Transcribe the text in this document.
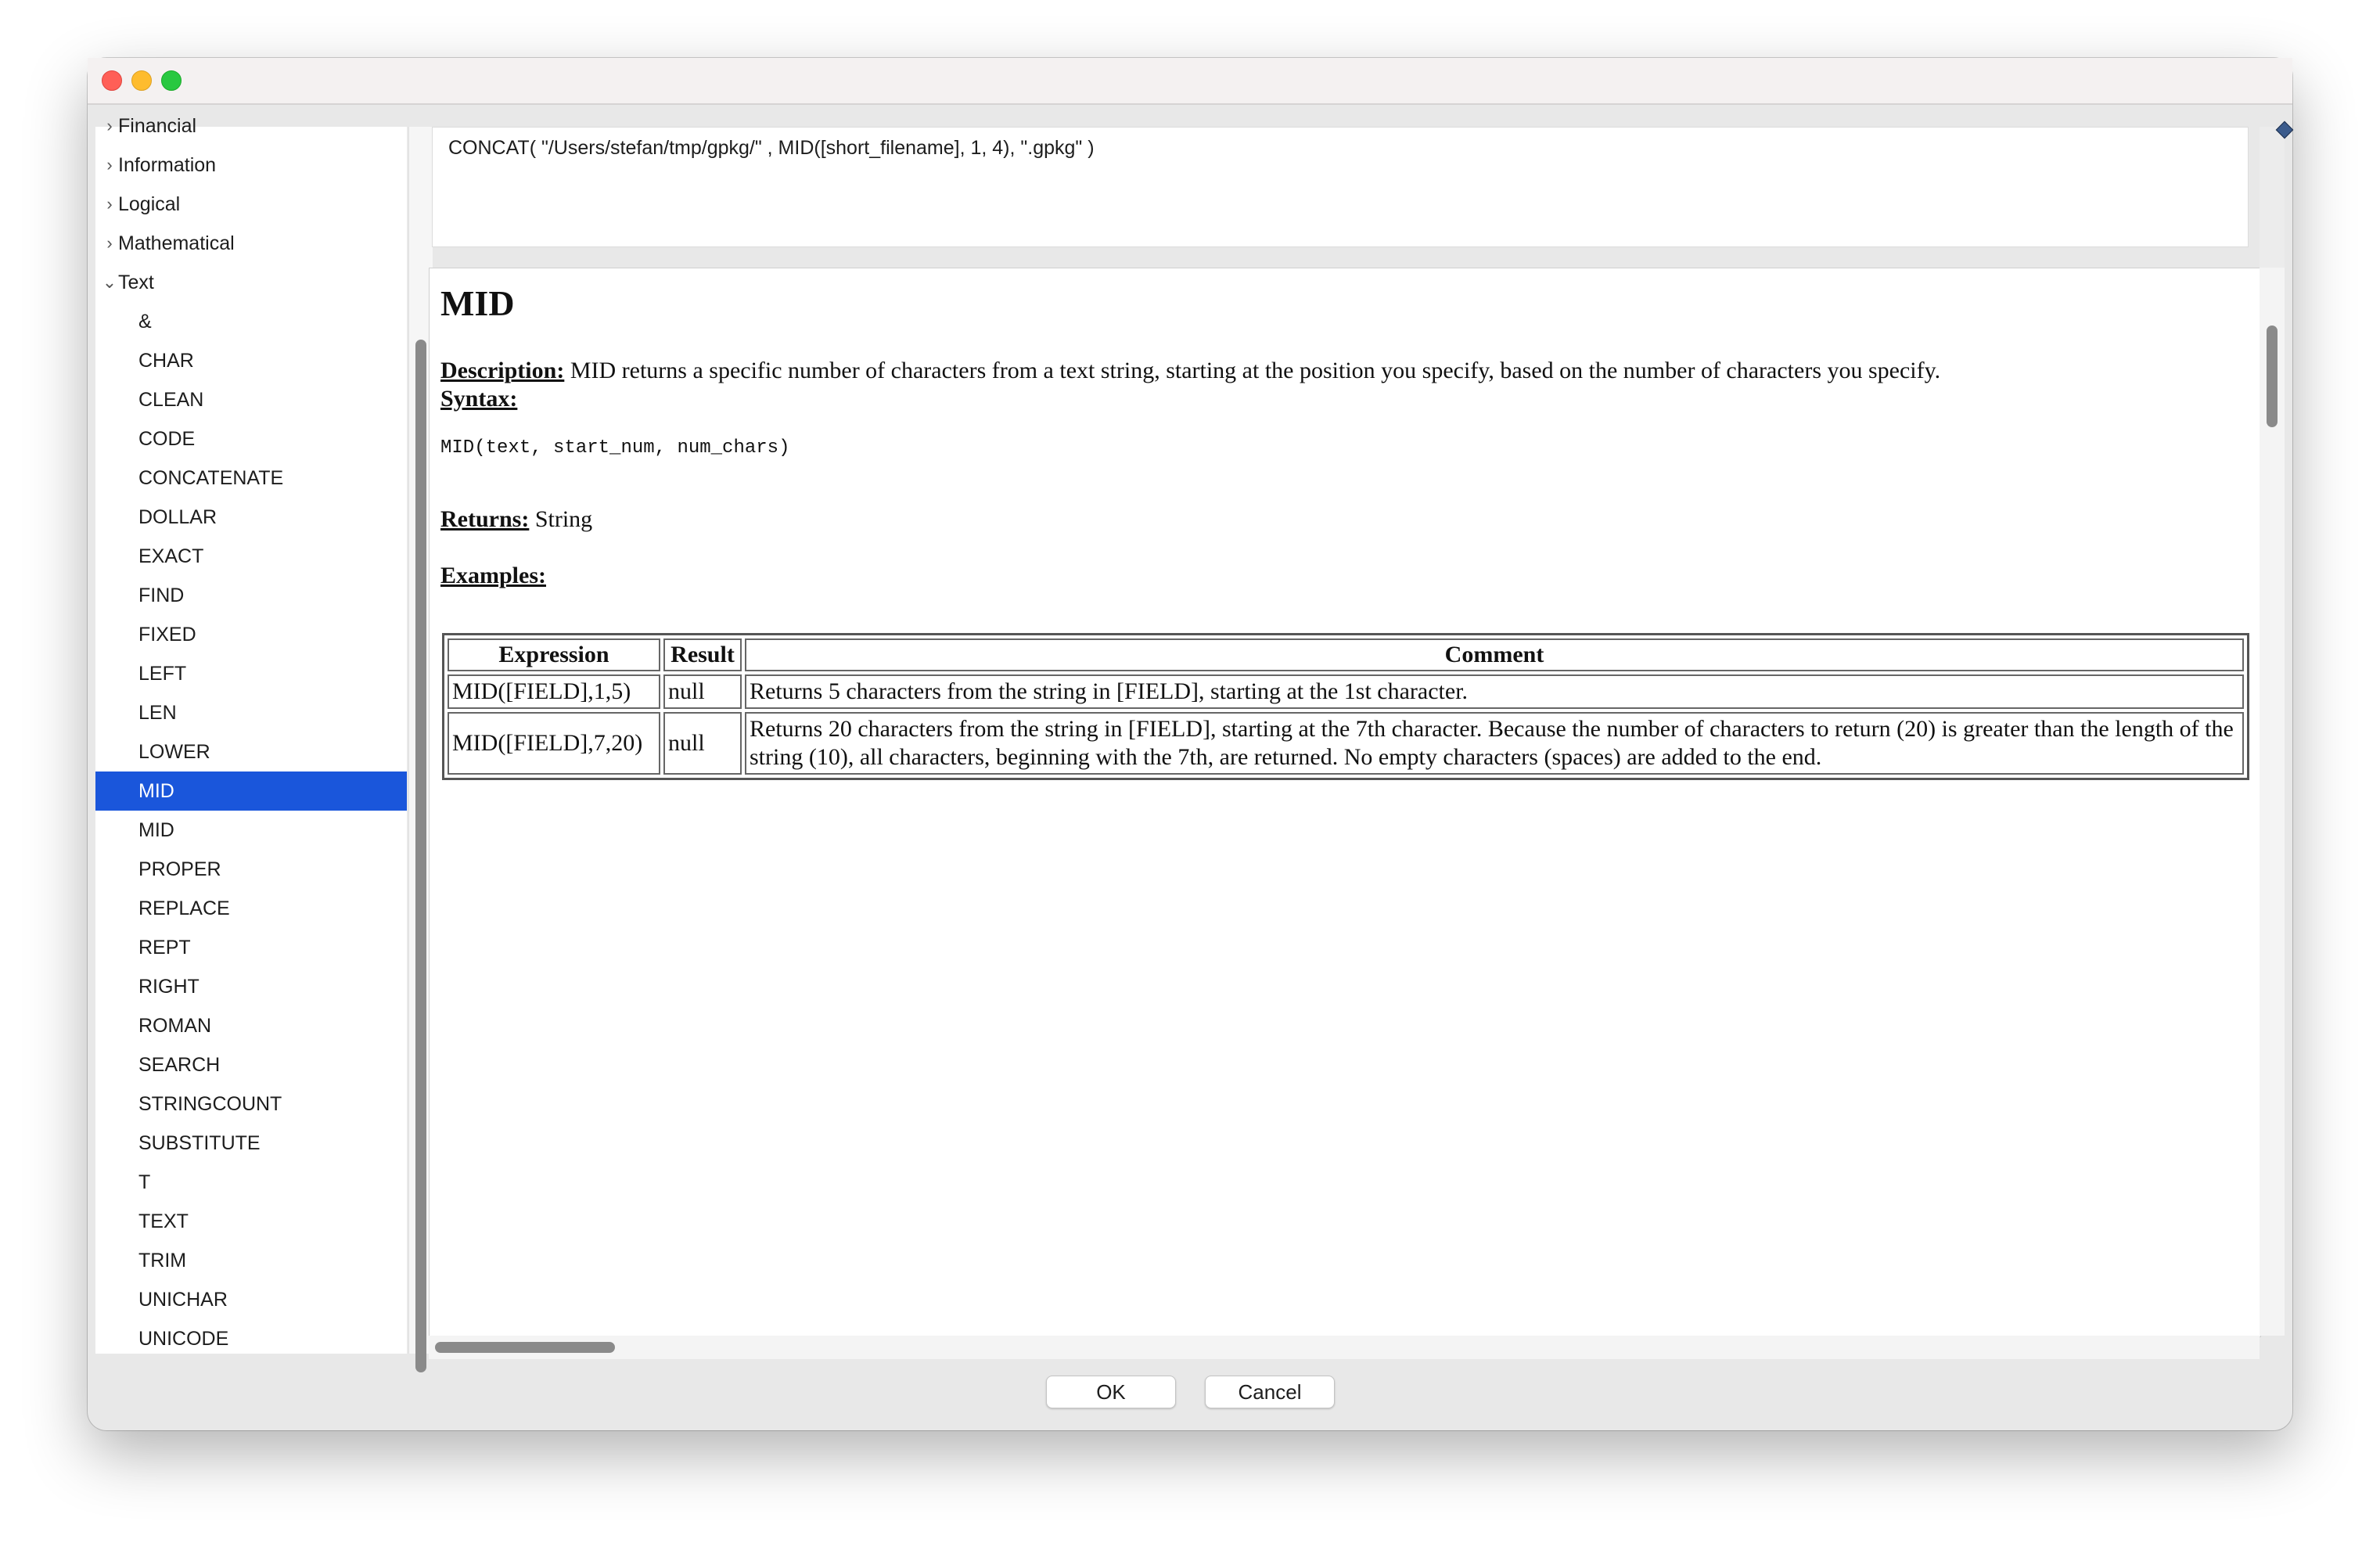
› Financial
› Information
› Logical
› Mathematical
⌄ Text
&
CHAR
CLEAN
CODE
CONCATENATE
DOLLAR
EXACT
FIND
FIXED
LEFT
LEN
LOWER
MID
MID
PROPER
REPLACE
REPT
RIGHT
ROMAN
SEARCH
STRINGCOUNT
SUBSTITUTE
T
TEXT
TRIM
UNICHAR
UNICODE
CONCAT( "/Users/stefan/tmp/gpkg/" , MID([short_filename], 1, 4), ".gpkg" )
MID
Description: MID returns a specific number of characters from a text string, starting at the position you specify, based on the number of characters you specify.
Syntax:
MID(text, start_num, num_chars)
Returns: String
Examples:
Expression	Result	Comment
MID([FIELD],1,5)	null	Returns 5 characters from the string in [FIELD], starting at the 1st character.
MID([FIELD],7,20)	null	Returns 20 characters from the string in [FIELD], starting at the 7th character. Because the number of characters to return (20) is greater than the length of the string (10), all characters, beginning with the 7th, are returned. No empty characters (spaces) are added to the end.
OK	Cancel
